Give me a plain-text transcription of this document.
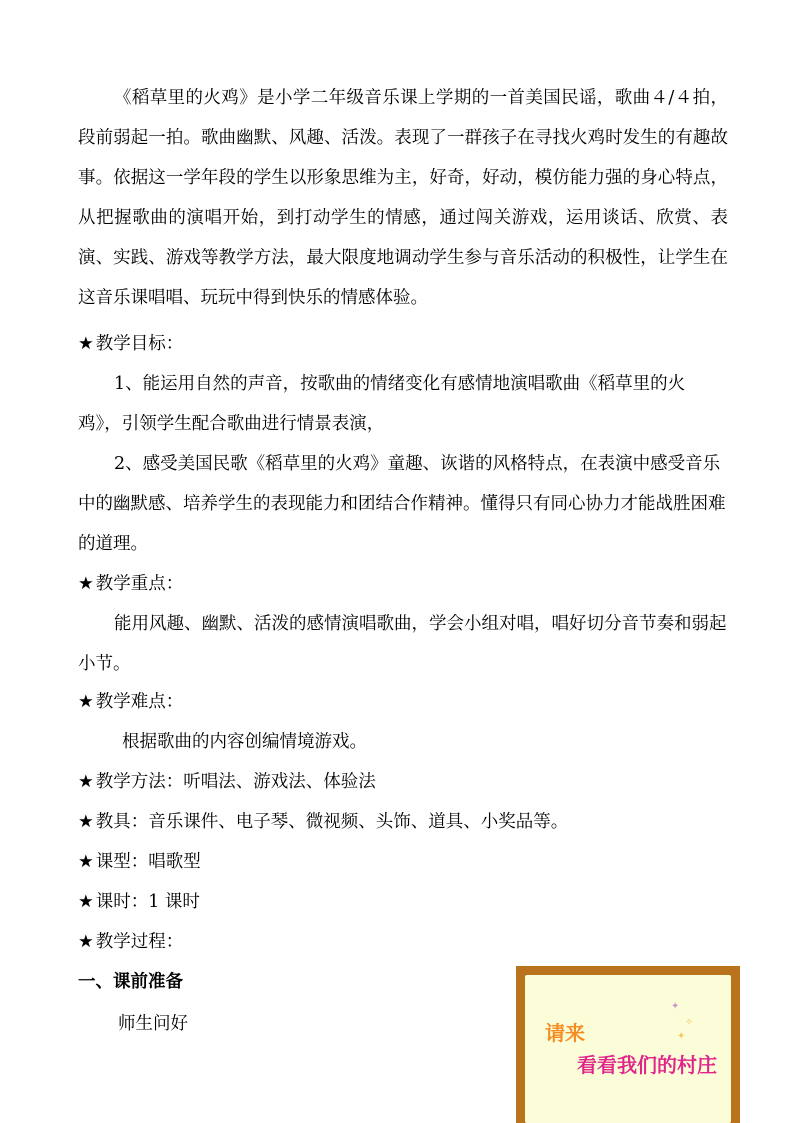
《稻草里的火鸡》是小学二年级音乐课上学期的一首美国民谣，歌曲４/４拍，段前弱起一拍。歌曲幽默、风趣、活泼。表现了一群孩子在寻找火鸡时发生的有趣故事。依据这一学年段的学生以形象思维为主，好奇，好动，模仿能力强的身心特点，从把握歌曲的演唱开始，到打动学生的情感，通过闯关游戏，运用谈话、欣赏、表演、实践、游戏等教学方法，最大限度地调动学生参与音乐活动的积极性，让学生在这音乐课唱唱、玩玩中得到快乐的情感体验。
★ 教学目标：
1、能运用自然的声音，按歌曲的情绪变化有感情地演唱歌曲《稻草里的火鸡》，引领学生配合歌曲进行情景表演，
2、感受美国民歌《稻草里的火鸡》童趣、诙谐的风格特点，在表演中感受音乐中的幽默感、培养学生的表现能力和团结合作精神。懂得只有同心协力才能战胜困难的道理。
★ 教学重点：
能用风趣、幽默、活泼的感情演唱歌曲，学会小组对唱，唱好切分音节奏和弱起小节。
★ 教学难点：
根据歌曲的内容创编情境游戏。
★ 教学方法：听唱法、游戏法、体验法
★ 教具：音乐课件、电子琴、微视频、头饰、道具、小奖品等。
★ 课型：唱歌型
★ 课时：1 课时
★ 教学过程：
一、课前准备
师生问好
✦
✧
✦
请来
看看我们的村庄
